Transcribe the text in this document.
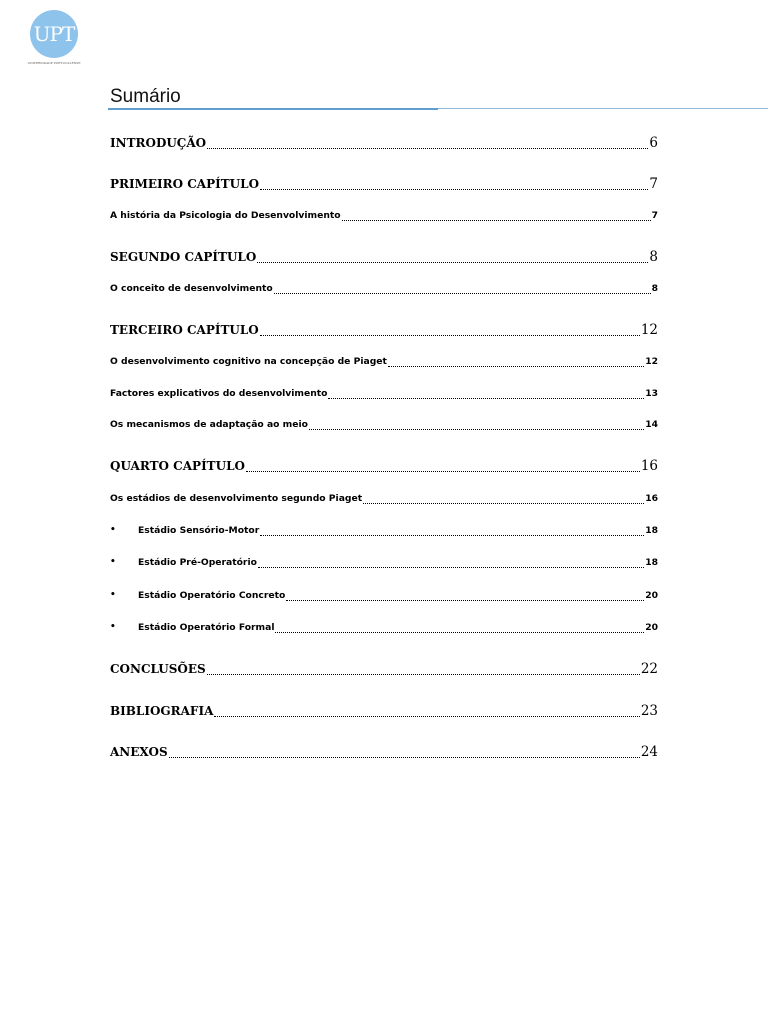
UPT
UNIVERSIDADE PORTUCALENSE
Sumário
INTRODUÇÃO	6
PRIMEIRO CAPÍTULO	7
A história da Psicologia do Desenvolvimento	7
SEGUNDO CAPÍTULO	8
O conceito de desenvolvimento	8
TERCEIRO CAPÍTULO	12
O desenvolvimento cognitivo na concepção de Piaget	12
Factores explicativos do desenvolvimento	13
Os mecanismos de adaptação ao meio	14
QUARTO CAPÍTULO	16
Os estádios de desenvolvimento segundo Piaget	16
• Estádio Sensório-Motor	18
• Estádio Pré-Operatório	18
• Estádio Operatório Concreto	20
• Estádio Operatório Formal	20
CONCLUSÕES	22
BIBLIOGRAFIA	23
ANEXOS	24
